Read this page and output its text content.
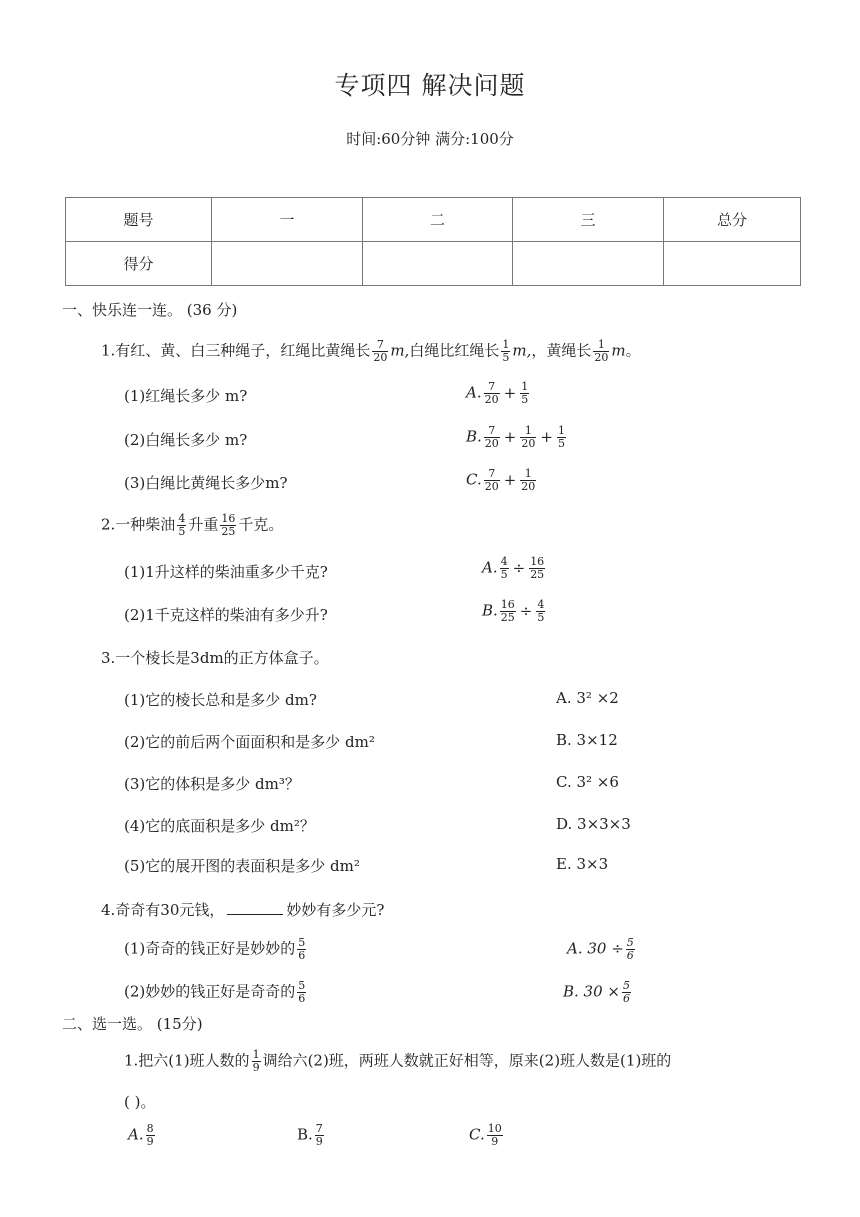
专项四 解决问题
时间:60分钟 满分:100分
题号	一	二	三	总分
得分				
一、快乐连一连。 (36 分)
1.有红、黄、白三种绳子，红绳比黄绳长 $\frac{7}{20} m$,白绳比红绳长 $\frac{1}{5} m$,，黄绳长 $\frac{1}{20}$ m。
(1)红绳长多少 m?
(2)白绳长多少 m?
(3)白绳比黄绳长多少m?
A. $\frac{7}{20} + \frac{1}{5}$
B. $\frac{7}{20} + \frac{1}{20} + \frac{1}{5}$
C. $\frac{7}{20} + \frac{1}{20}$
2.一种柴油 $\frac{4}{5}$ 升重 $\frac{16}{25}$ 千克。
(1)1升这样的柴油重多少千克?
(2)1千克这样的柴油有多少升?
A. $\frac{4}{5} \div \frac{16}{25}$
B. $\frac{16}{25} \div \frac{4}{5}$
3.一个棱长是3dm的正方体盒子。
(1)它的棱长总和是多少 dm?
(2)它的前后两个面面积和是多少 dm²
(3)它的体积是多少 dm³？
(4)它的底面积是多少 dm²？
(5)它的展开图的表面积是多少 dm²
A. 3² ×2
B. 3×12
C. 3² ×6
D. 3×3×3
E. 3×3
4.奇奇有30元钱，	妙妙有多少元?
(1)奇奇的钱正好是妙妙的 $\frac{5}{6}$
(2)妙妙的钱正好是奇奇的 $\frac{5}{6}$
A. $30 \div \frac{5}{6}$
B. $30 \times \frac{5}{6}$
二、选一选。 (15分)
1.把六(1)班人数的 $\frac{1}{9}$ 调给六(2)班，两班人数就正好相等，原来(2)班人数是(1)班的
( )。
A. $\frac{8}{9}$	B. $\frac{7}{9}$	C. $\frac{10}{9}$
